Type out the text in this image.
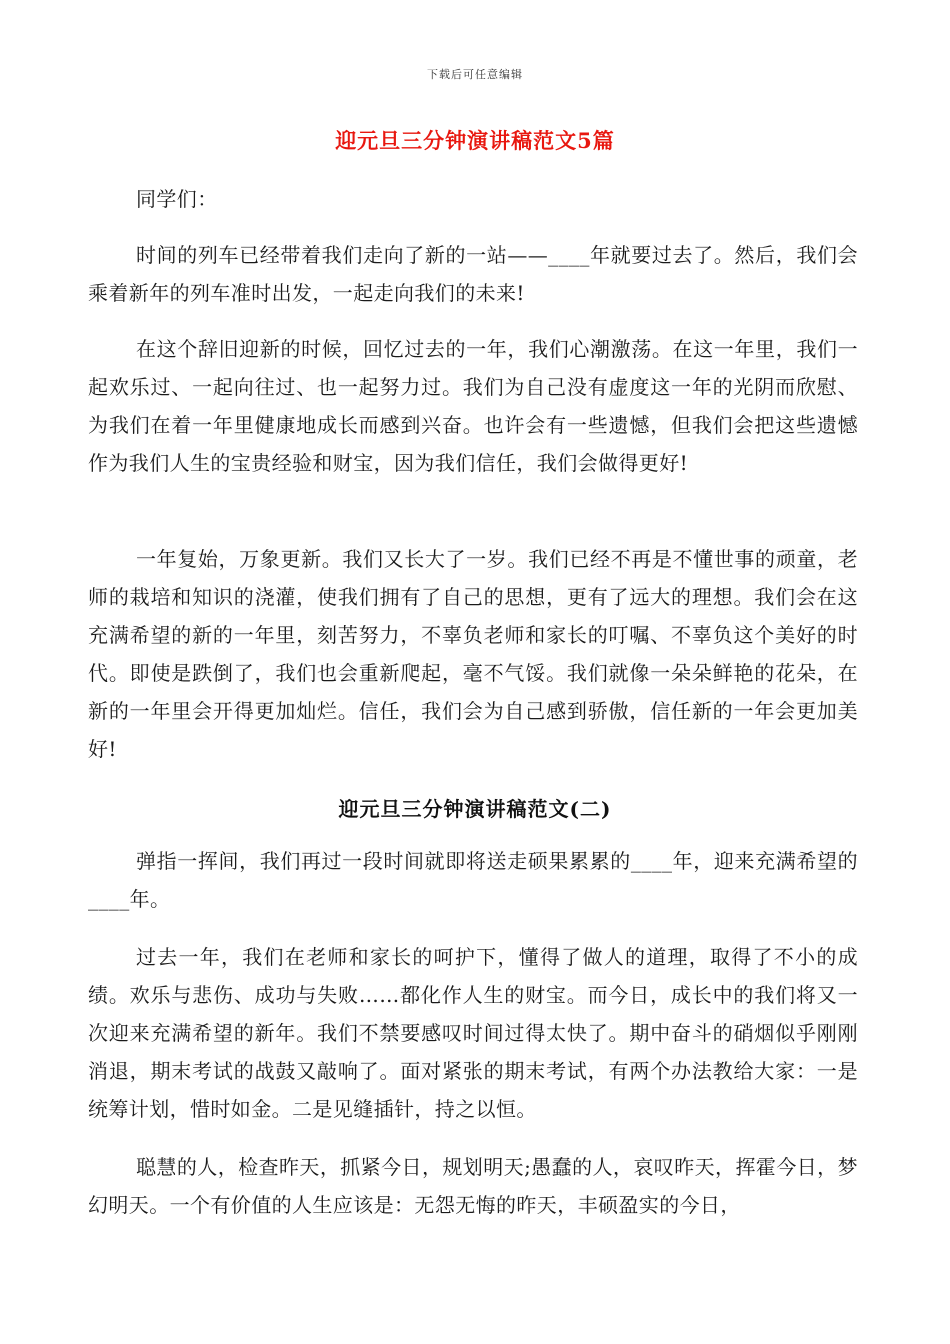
下载后可任意编辑
迎元旦三分钟演讲稿范文5篇

同学们：

时间的列车已经带着我们走向了新的一站——____年就要过去了。然后，我们会乘着新年的列车准时出发，一起走向我们的未来!

在这个辞旧迎新的时候，回忆过去的一年，我们心潮激荡。在这一年里，我们一起欢乐过、一起向往过、也一起努力过。我们为自己没有虚度这一年的光阴而欣慰、为我们在着一年里健康地成长而感到兴奋。也许会有一些遗憾，但我们会把这些遗憾作为我们人生的宝贵经验和财宝，因为我们信任，我们会做得更好!

一年复始，万象更新。我们又长大了一岁。我们已经不再是不懂世事的顽童，老师的栽培和知识的浇灌，使我们拥有了自己的思想，更有了远大的理想。我们会在这充满希望的新的一年里，刻苦努力，不辜负老师和家长的叮嘱、不辜负这个美好的时代。即使是跌倒了，我们也会重新爬起，毫不气馁。我们就像一朵朵鲜艳的花朵，在新的一年里会开得更加灿烂。信任，我们会为自己感到骄傲，信任新的一年会更加美好!

迎元旦三分钟演讲稿范文(二)

弹指一挥间，我们再过一段时间就即将送走硕果累累的____年，迎来充满希望的____年。

过去一年，我们在老师和家长的呵护下，懂得了做人的道理，取得了不小的成绩。欢乐与悲伤、成功与失败……都化作人生的财宝。而今日，成长中的我们将又一次迎来充满希望的新年。我们不禁要感叹时间过得太快了。期中奋斗的硝烟似乎刚刚消退，期末考试的战鼓又敲响了。面对紧张的期末考试，有两个办法教给大家：一是统筹计划，惜时如金。二是见缝插针，持之以恒。

聪慧的人，检查昨天，抓紧今日，规划明天;愚蠢的人，哀叹昨天，挥霍今日，梦幻明天。一个有价值的人生应该是：无怨无悔的昨天，丰硕盈实的今日，
